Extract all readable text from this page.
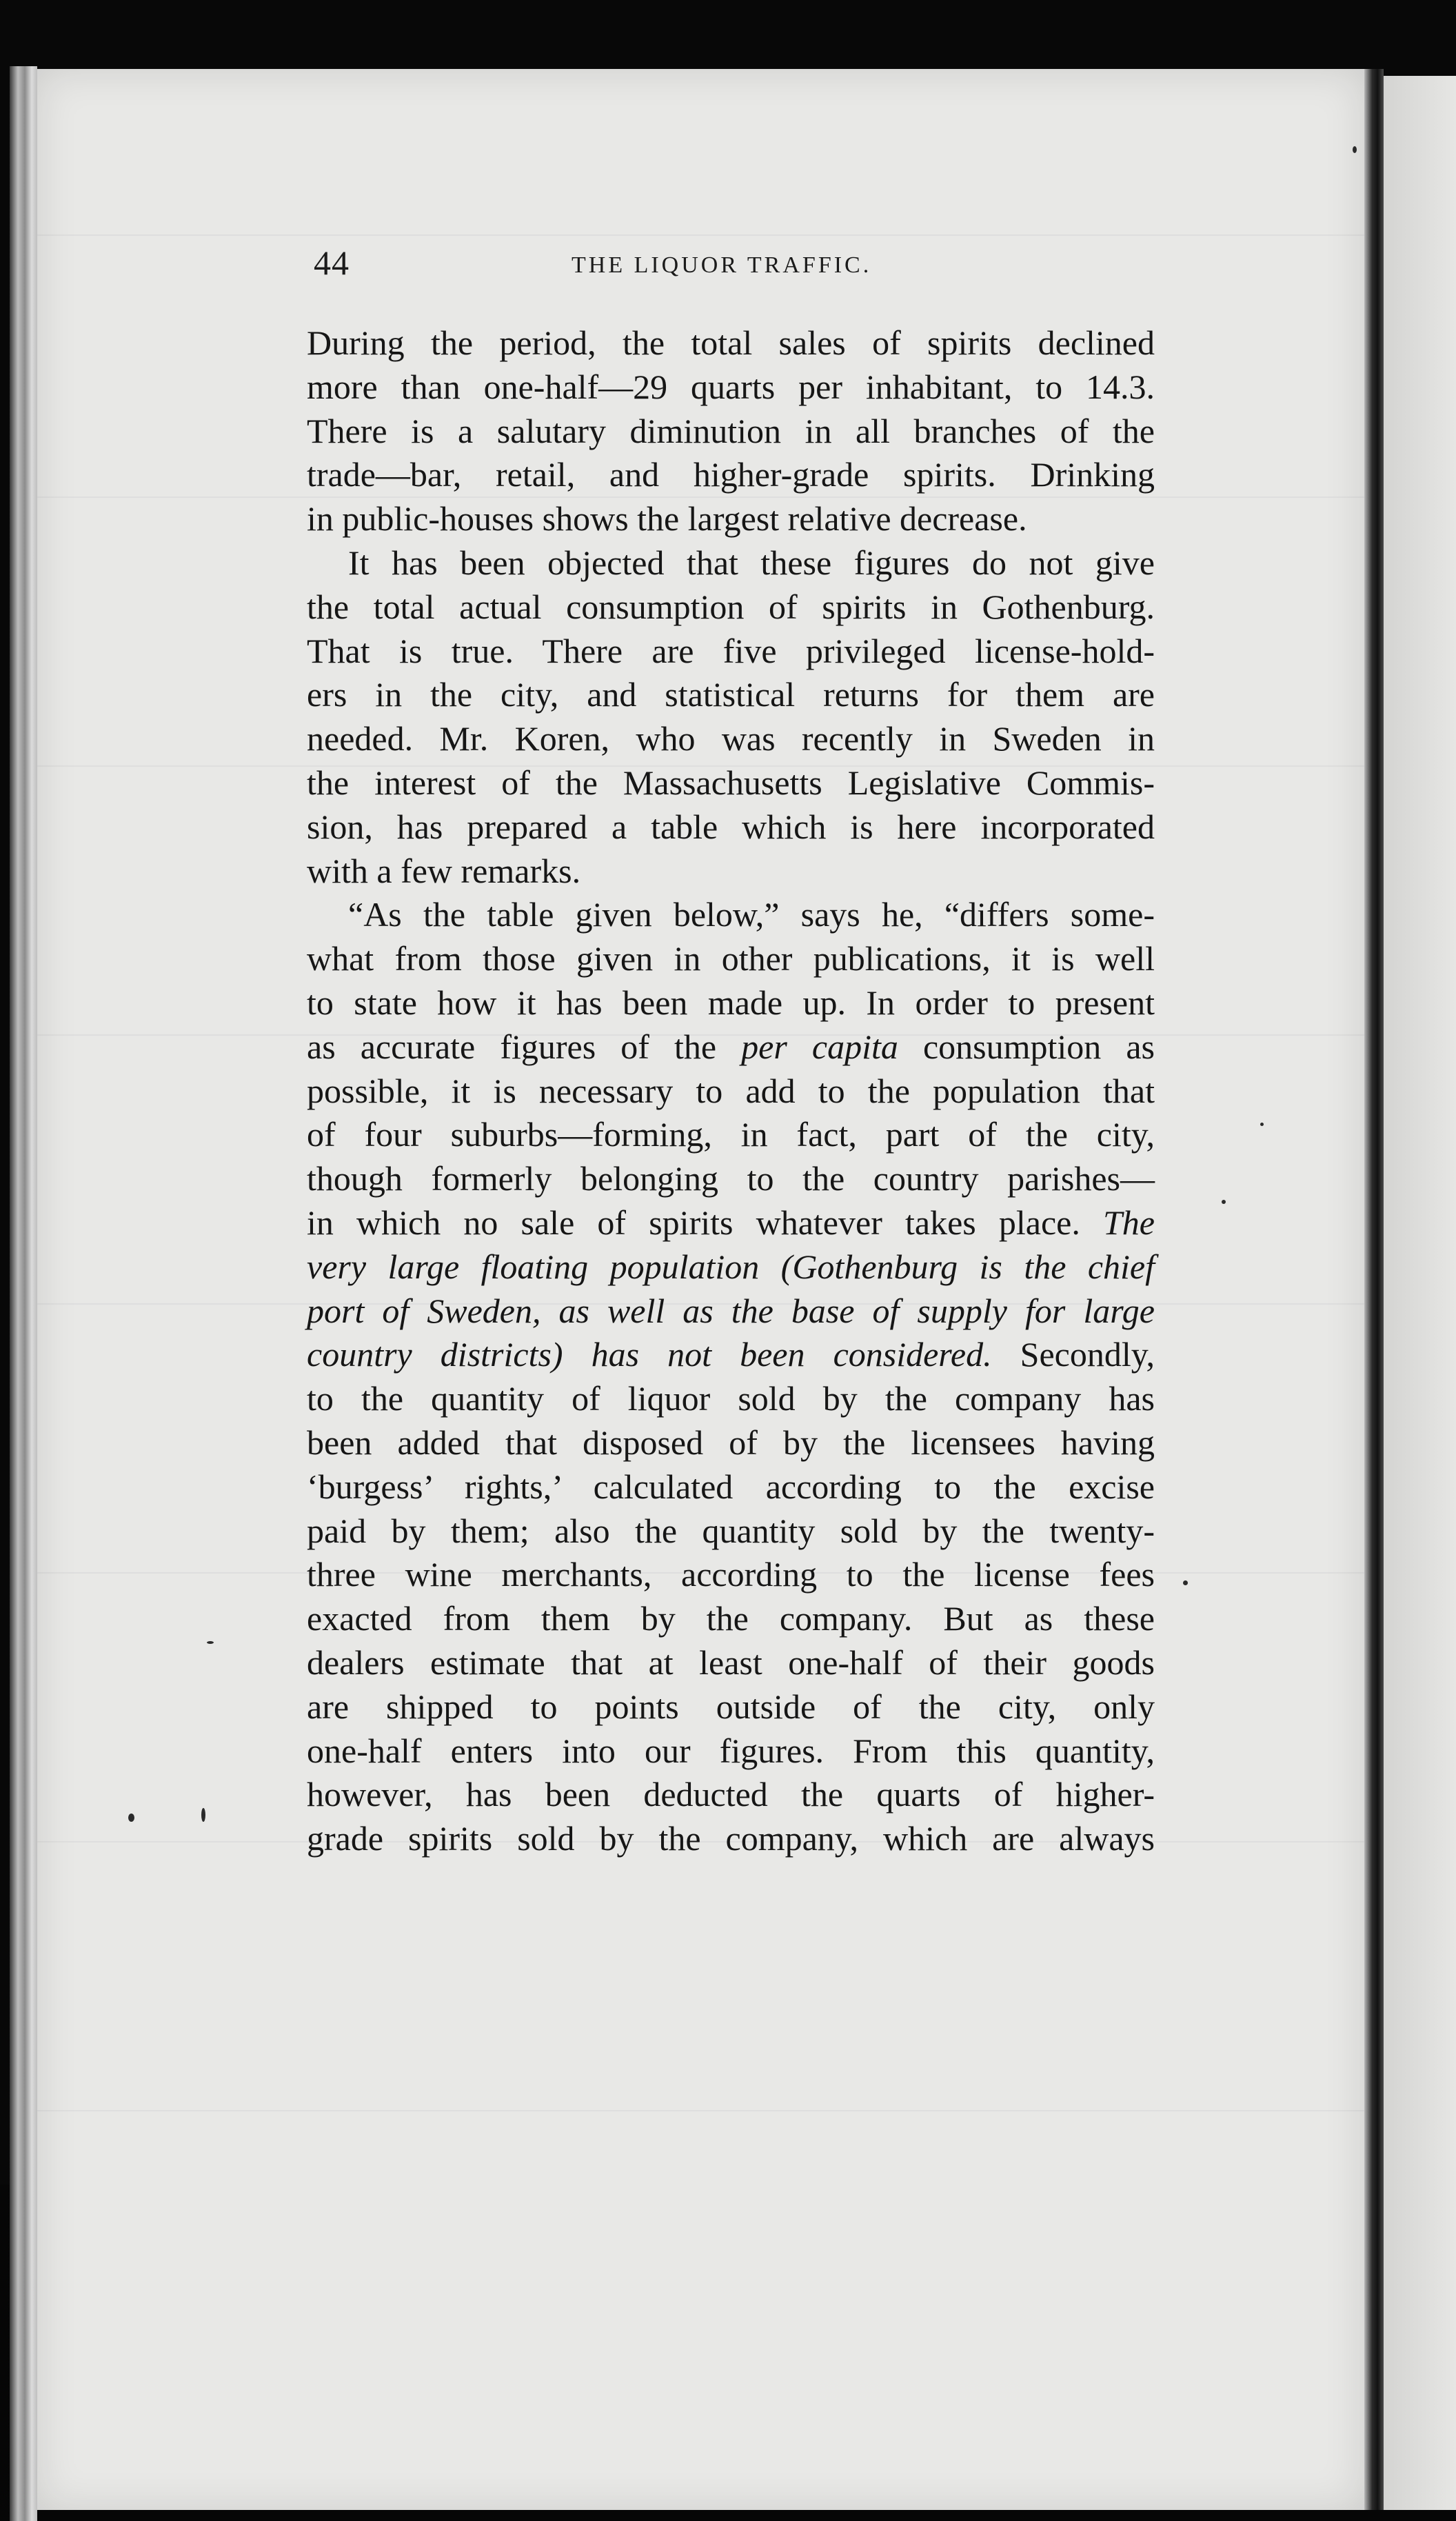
44	THE LIQUOR TRAFFIC.
During the period, the total sales of spirits declined
more than one-half—29 quarts per inhabitant, to 14.3.
There is a salutary diminution in all branches of the
trade—bar, retail, and higher-grade spirits. Drinking
in public-houses shows the largest relative decrease.
It has been objected that these figures do not give
the total actual consumption of spirits in Gothenburg.
That is true. There are five privileged license-hold-
ers in the city, and statistical returns for them are
needed. Mr. Koren, who was recently in Sweden in
the interest of the Massachusetts Legislative Commis-
sion, has prepared a table which is here incorporated
with a few remarks.
“As the table given below,” says he, “differs some-
what from those given in other publications, it is well
to state how it has been made up. In order to present
as accurate figures of the per capita consumption as
possible, it is necessary to add to the population that
of four suburbs—forming, in fact, part of the city,
though formerly belonging to the country parishes—
in which no sale of spirits whatever takes place. The
very large floating population (Gothenburg is the chief
port of Sweden, as well as the base of supply for large
country districts) has not been considered. Secondly,
to the quantity of liquor sold by the company has
been added that disposed of by the licensees having
‘burgess’ rights,’ calculated according to the excise
paid by them; also the quantity sold by the twenty-
three wine merchants, according to the license fees
exacted from them by the company. But as these
dealers estimate that at least one-half of their goods
are shipped to points outside of the city, only
one-half enters into our figures. From this quantity,
however, has been deducted the quarts of higher-
grade spirits sold by the company, which are always
